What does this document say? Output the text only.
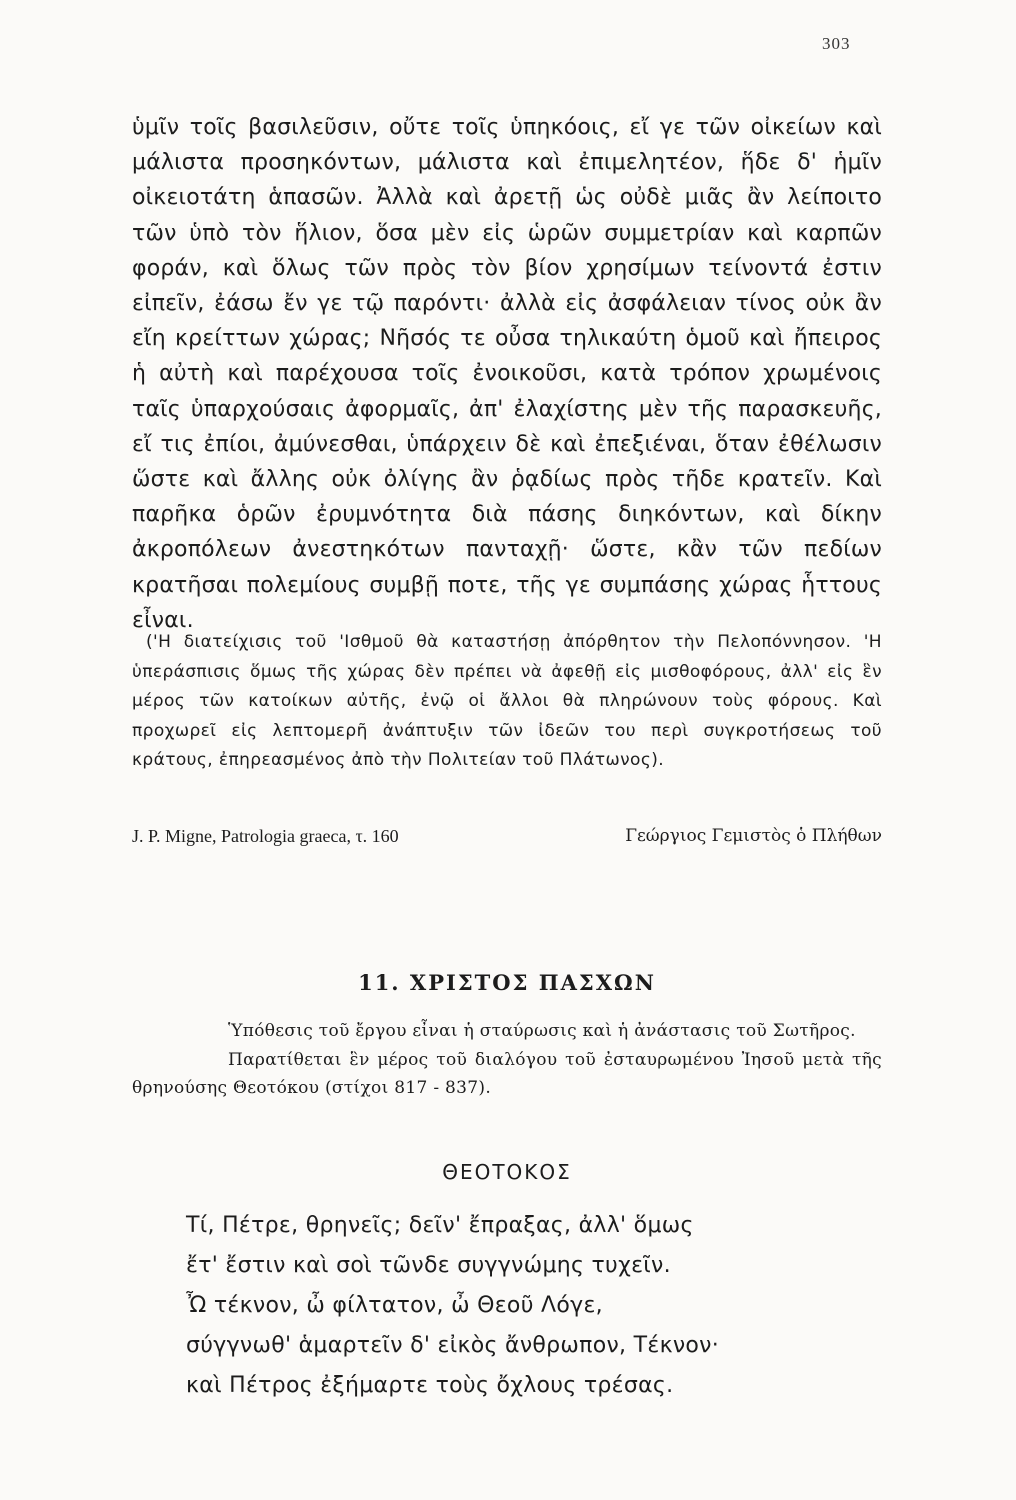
303
ὑμῖν τοῖς βασιλεῦσιν, οὔτε τοῖς ὑπηκόοις, εἴ γε τῶν οἰκείων καὶ μάλιστα προσηκόντων, μάλιστα καὶ ἐπιμελητέον, ἥδε δ' ἡμῖν οἰκειοτάτη ἁπασῶν. Ἀλλὰ καὶ ἀρετῇ ὡς οὐδὲ μιᾶς ἂν λείποιτο τῶν ὑπὸ τὸν ἥλιον, ὅσα μὲν εἰς ὡρῶν συμμετρίαν καὶ καρπῶν φοράν, καὶ ὅλως τῶν πρὸς τὸν βίον χρησίμων τείνοντά ἐστιν εἰπεῖν, ἐάσω ἔν γε τῷ παρόντι· ἀλλὰ εἰς ἀσφάλειαν τίνος οὐκ ἂν εἴη κρείττων χώρας; Νῆσός τε οὖσα τηλικαύτη ὁμοῦ καὶ ἤπειρος ἡ αὐτὴ καὶ παρέχουσα τοῖς ἐνοικοῦσι, κατὰ τρόπον χρωμένοις ταῖς ὑπαρχούσαις ἀφορμαῖς, ἀπ' ἐλαχίστης μὲν τῆς παρασκευῆς, εἴ τις ἐπίοι, ἀμύνεσθαι, ὑπάρχειν δὲ καὶ ἐπεξιέναι, ὅταν ἐθέλωσιν ὥστε καὶ ἄλλης οὐκ ὀλίγης ἂν ῥᾳδίως πρὸς τῆδε κρατεῖν. Καὶ παρῆκα ὁρῶν ἐρυμνότητα διὰ πάσης διηκόντων, καὶ δίκην ἀκροπόλεων ἀνεστηκότων πανταχῇ· ὥστε, κἂν τῶν πεδίων κρατῆσαι πολεμίους συμβῇ ποτε, τῆς γε συμπάσης χώρας ἧττους εἶναι.

('Η διατείχισις τοῦ 'Ισθμοῦ θὰ καταστήσῃ ἀπόρθητον τὴν Πελοπόννησον. 'Η ὑπεράσπισις ὅμως τῆς χώρας δὲν πρέπει νὰ ἀφεθῇ εἰς μισθοφόρους, ἀλλ' εἰς ἓν μέρος τῶν κατοίκων αὐτῆς, ἐνῷ οἱ ἄλλοι θὰ πληρώνουν τοὺς φόρους. Καὶ προχωρεῖ εἰς λεπτομερῆ ἀνάπτυξιν τῶν ἰδεῶν του περὶ συγκροτήσεως τοῦ κράτους, ἐπηρεασμένος ἀπὸ τὴν Πολιτείαν τοῦ Πλάτωνος).

J. P. Migne, Patrologia graeca, τ. 160	Γεώργιος Γεμιστὸς ὁ Πλήθων
11. ΧΡΙΣΤΟΣ ΠΑΣΧΩΝ

Ὑπόθεσις τοῦ ἔργου εἶναι ἡ σταύρωσις καὶ ἡ ἀνάστασις τοῦ Σωτῆρος.

Παρατίθεται ἓν μέρος τοῦ διαλόγου τοῦ ἐσταυρωμένου Ἰησοῦ μετὰ τῆς θρηνούσης Θεοτόκου (στίχοι 817 - 837).

ΘΕΟΤΟΚΟΣ
Τί, Πέτρε, θρηνεῖς; δεῖν' ἔπραξας, ἀλλ' ὅμως
ἔτ' ἔστιν καὶ σοὶ τῶνδε συγγνώμης τυχεῖν.
Ὦ τέκνον, ὦ φίλτατον, ὦ Θεοῦ Λόγε,
σύγγνωθ' ἁμαρτεῖν δ' εἰκὸς ἄνθρωπον, Τέκνον·
καὶ Πέτρος ἐξήμαρτε τοὺς ὄχλους τρέσας.
